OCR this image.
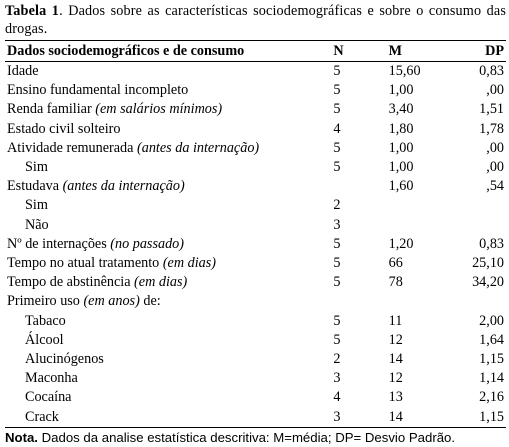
Tabela 1. Dados sobre as características sociodemográficas e sobre o consumo das drogas.

Dados sociodemográficos e de consumo	N	M	DP
Idade	5	15,60	0,83
Ensino fundamental incompleto	5	1,00	,00
Renda familiar (em salários mínimos)	5	3,40	1,51
Estado civil solteiro	4	1,80	1,78
Atividade remunerada (antes da internação)	5	1,00	,00
Sim	5	1,00	,00
Estudava (antes da internação)		1,60	,54
Sim	2		
Não	3		
Nº de internações (no passado)	5	1,20	0,83
Tempo no atual tratamento (em dias)	5	66	25,10
Tempo de abstinência (em dias)	5	78	34,20
Primeiro uso (em anos) de:			
Tabaco	5	11	2,00
Álcool	5	12	1,64
Alucinógenos	2	14	1,15
Maconha	3	12	1,14
Cocaína	4	13	2,16
Crack	3	14	1,15

Nota. Dados da analise estatística descritiva: M=média; DP= Desvio Padrão.
